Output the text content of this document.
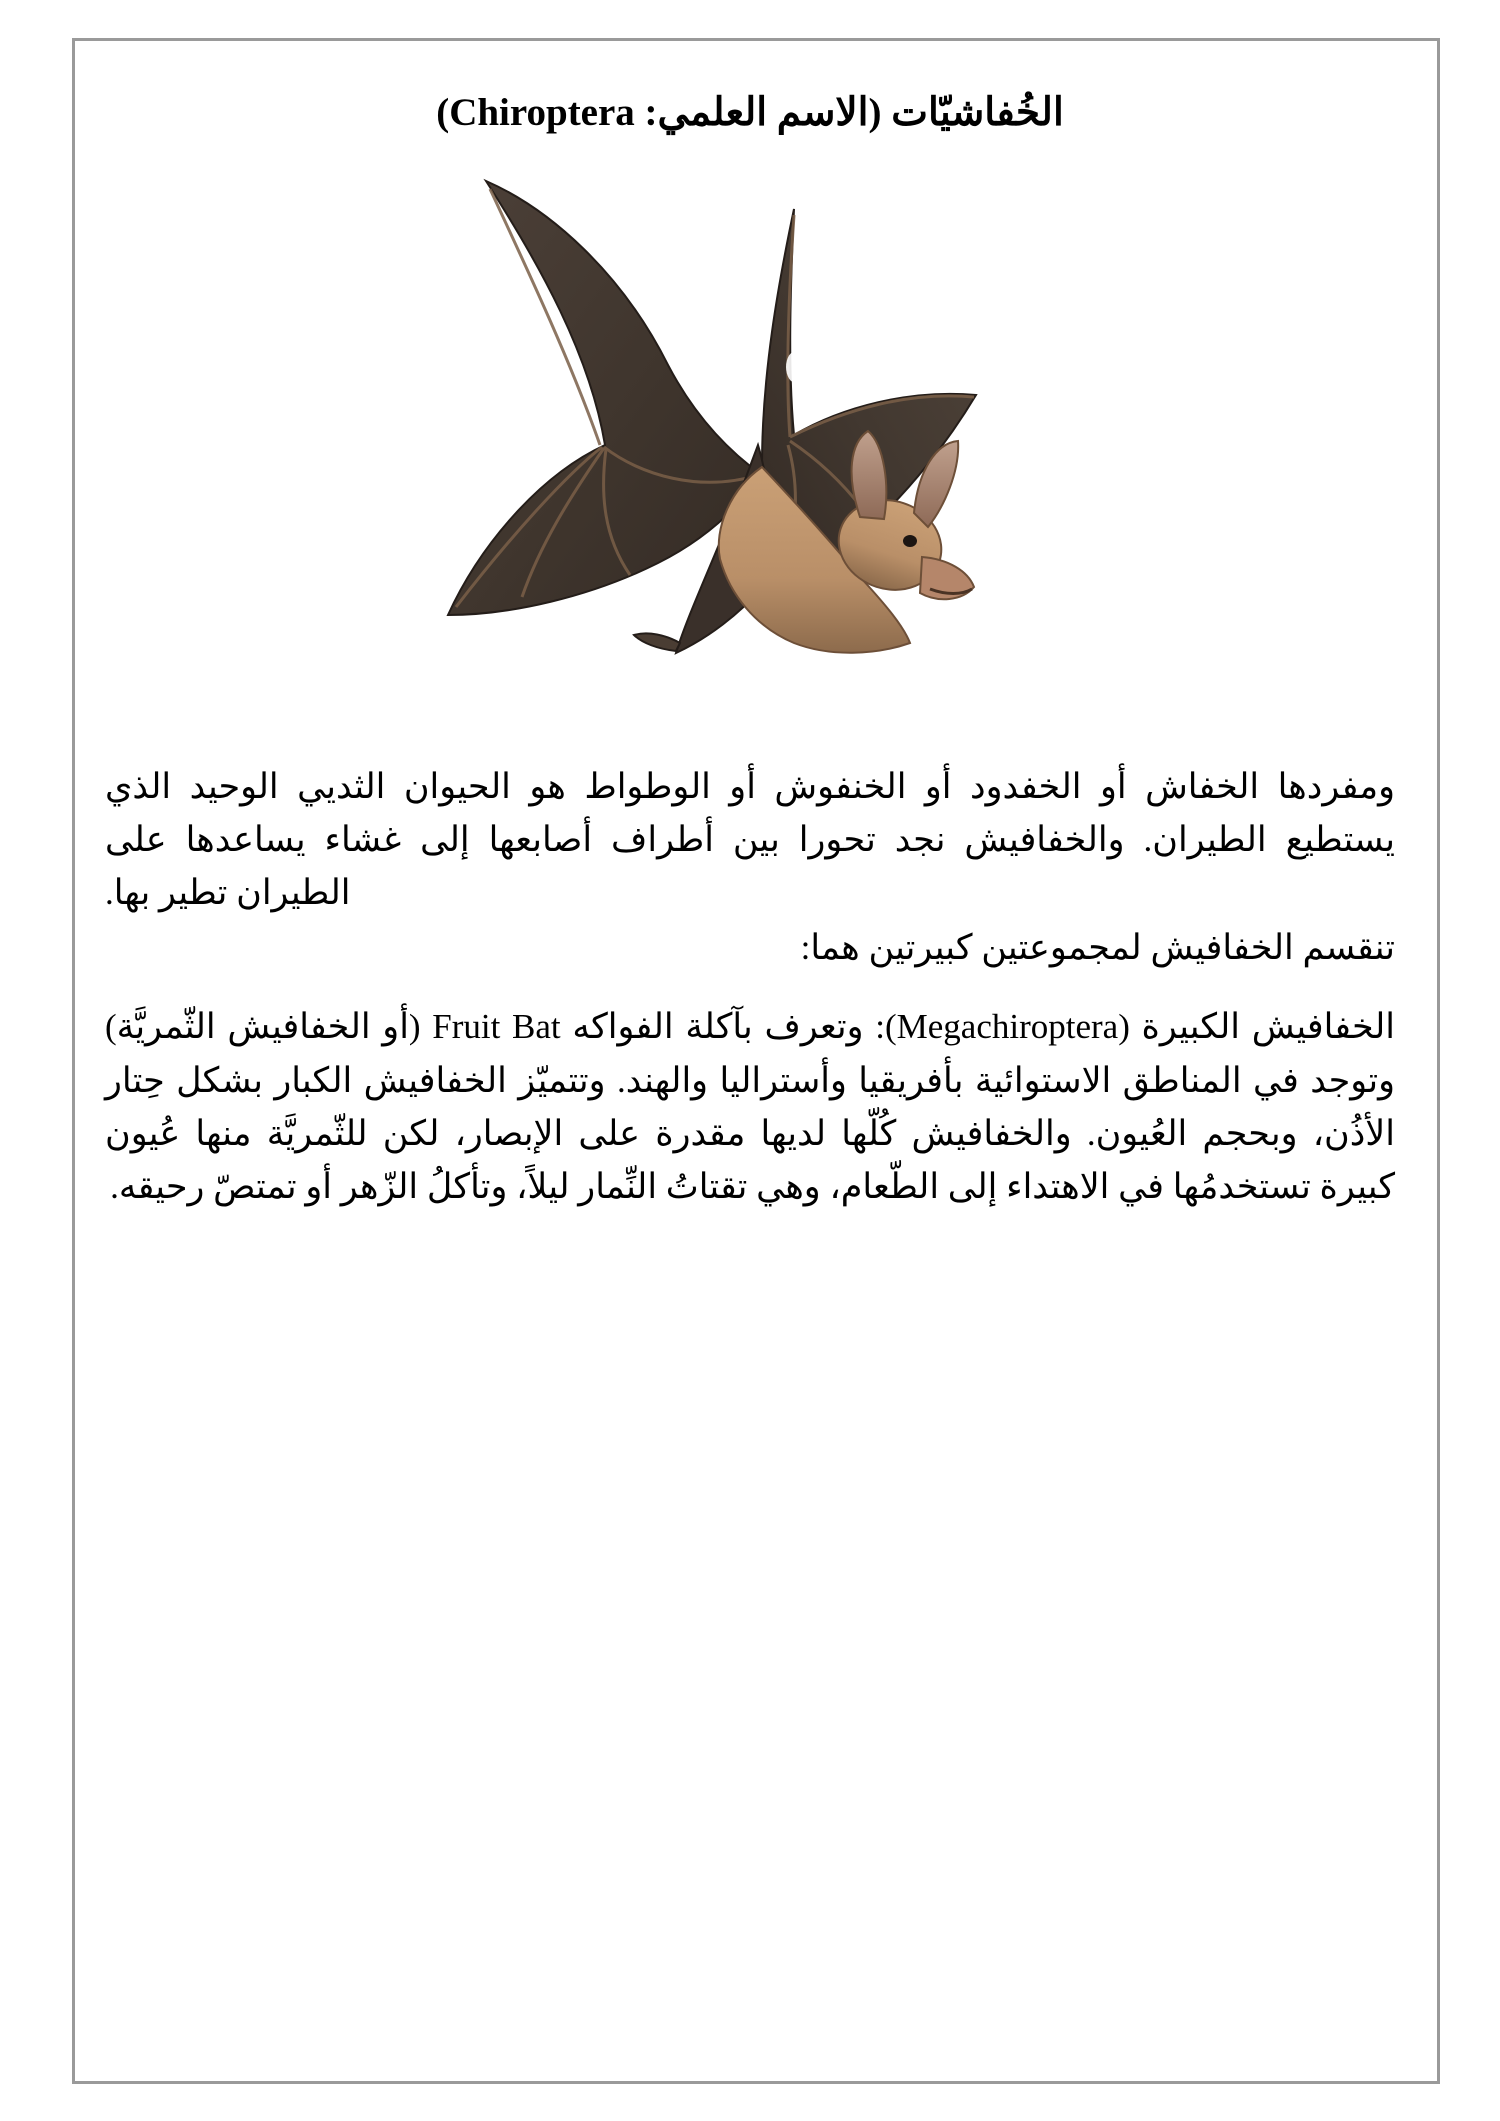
الخُفاشيّات (الاسم العلمي: Chiroptera)

ومفردها الخفاش أو الخفدود أو الخنفوش أو الوطواط هو الحيوان الثديي الوحيد الذي يستطيع الطيران. والخفافيش نجد تحورا بين أطراف أصابعها إلى غشاء يساعدها على الطيران تطير بها.

تنقسم الخفافيش لمجموعتين كبيرتين هما:

الخفافيش الكبيرة (Megachiroptera): وتعرف بآكلة الفواكه Fruit Bat (أو الخفافيش الثّمريَّة) وتوجد في المناطق الاستوائية بأفريقيا وأستراليا والهند. وتتميّز الخفافيش الكبار بشكل حِتار الأذُن، وبحجم العُيون. والخفافيش كُلّها لديها مقدرة على الإبصار، لكن للثّمريَّة منها عُيون كبيرة تستخدمُها في الاهتداء إلى الطّعام، وهي تقتاتُ النِّمار ليلاً، وتأكلُ الزّهر أو تمتصّ رحيقه.
